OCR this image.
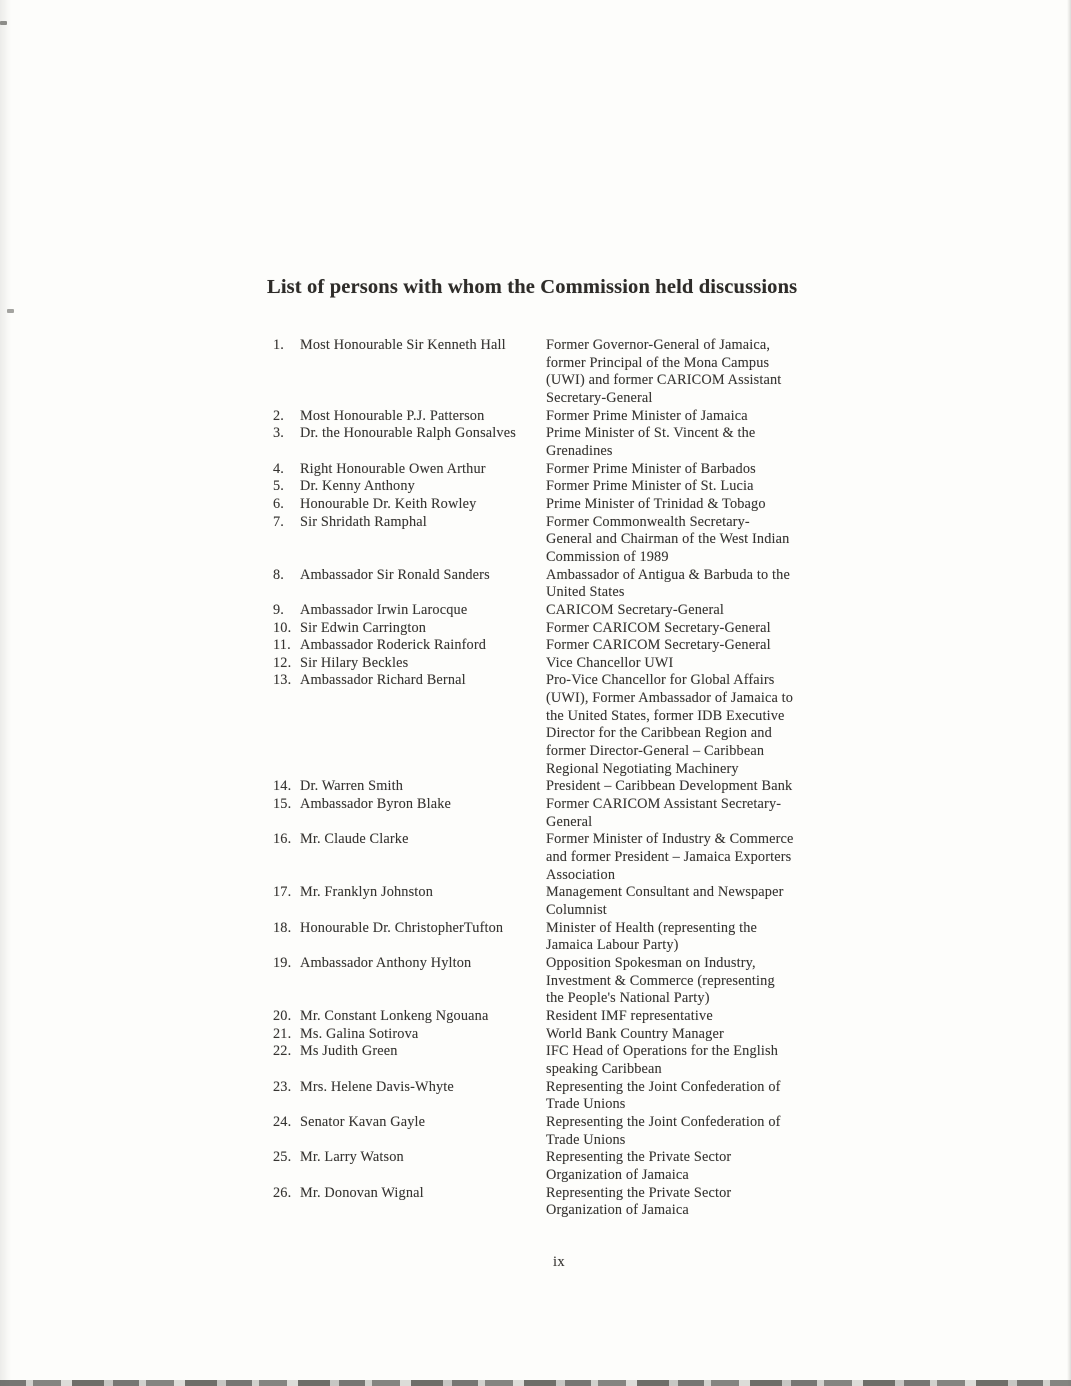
List of persons with whom the Commission held discussions
1.	Most Honourable Sir Kenneth Hall	Former Governor-General of Jamaica,
former Principal of the Mona Campus
(UWI) and former CARICOM Assistant
Secretary-General
2.	Most Honourable P.J. Patterson	Former Prime Minister of Jamaica
3.	Dr. the Honourable Ralph Gonsalves	Prime Minister of St. Vincent & the
Grenadines
4.	Right Honourable Owen Arthur	Former Prime Minister of Barbados
5.	Dr. Kenny Anthony	Former Prime Minister of St. Lucia
6.	Honourable Dr. Keith Rowley	Prime Minister of Trinidad & Tobago
7.	Sir Shridath Ramphal	Former Commonwealth Secretary-
General and Chairman of the West Indian
Commission of 1989
8.	Ambassador Sir Ronald Sanders	Ambassador of Antigua & Barbuda to the
United States
9.	Ambassador Irwin Larocque	CARICOM Secretary-General
10. Sir Edwin Carrington	Former CARICOM Secretary-General
11. Ambassador Roderick Rainford	Former CARICOM Secretary-General
12. Sir Hilary Beckles	Vice Chancellor UWI
13. Ambassador Richard Bernal	Pro-Vice Chancellor for Global Affairs
(UWI), Former Ambassador of Jamaica to
the United States, former IDB Executive
Director for the Caribbean Region and
former Director-General – Caribbean
Regional Negotiating Machinery
14. Dr. Warren Smith	President – Caribbean Development Bank
15. Ambassador Byron Blake	Former CARICOM Assistant Secretary-
General
16. Mr. Claude Clarke	Former Minister of Industry & Commerce
and former President – Jamaica Exporters
Association
17. Mr. Franklyn Johnston	Management Consultant and Newspaper
Columnist
18. Honourable Dr. ChristopherTufton	Minister of Health (representing the
Jamaica Labour Party)
19. Ambassador Anthony Hylton	Opposition Spokesman on Industry,
Investment & Commerce (representing
the People's National Party)
20. Mr. Constant Lonkeng Ngouana	Resident IMF representative
21. Ms. Galina Sotirova	World Bank Country Manager
22. Ms Judith Green	IFC Head of Operations for the English
speaking Caribbean
23. Mrs. Helene Davis-Whyte	Representing the Joint Confederation of
Trade Unions
24. Senator Kavan Gayle	Representing the Joint Confederation of
Trade Unions
25. Mr. Larry Watson	Representing the Private Sector
Organization of Jamaica
26. Mr. Donovan Wignal	Representing the Private Sector
Organization of Jamaica
ix
